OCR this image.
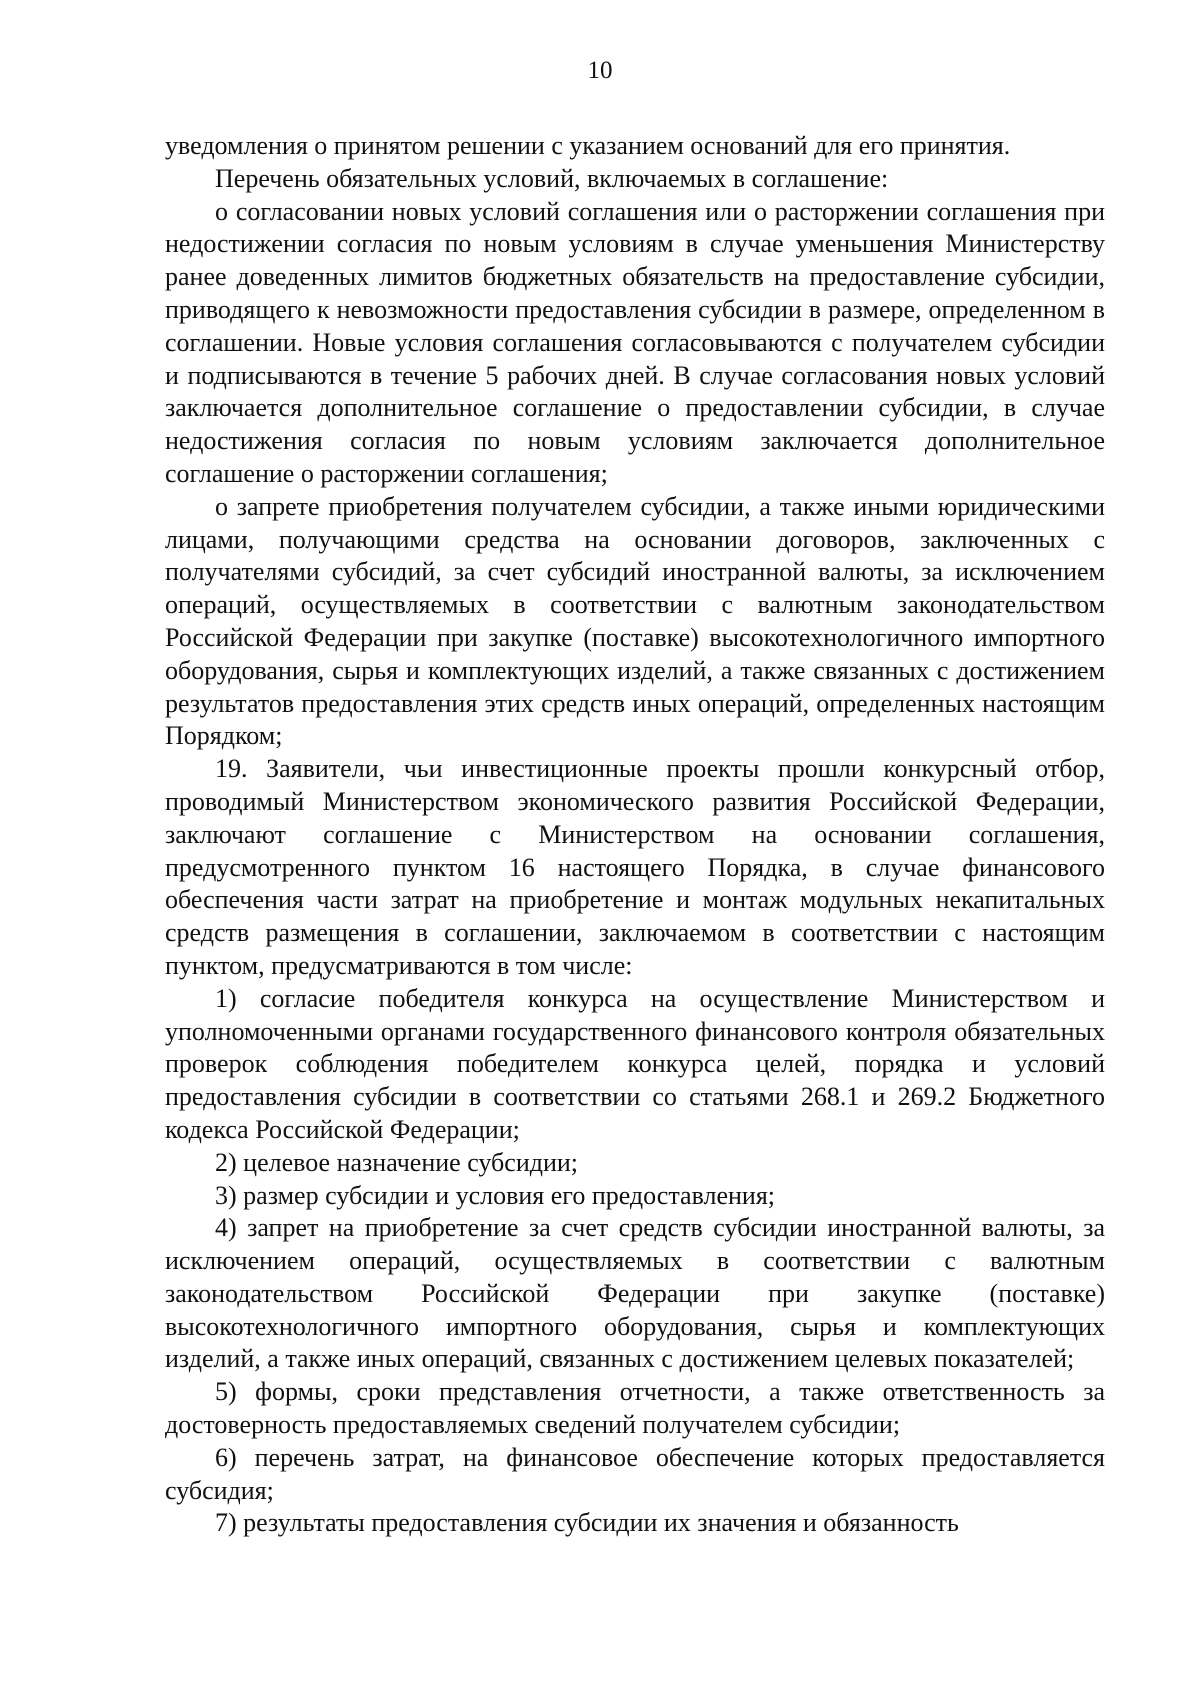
10

уведомления о принятом решении с указанием оснований для его принятия.

Перечень обязательных условий, включаемых в соглашение:

о согласовании новых условий соглашения или о расторжении соглашения при недостижении согласия по новым условиям в случае уменьшения Министерству ранее доведенных лимитов бюджетных обязательств на предоставление субсидии, приводящего к невозможности предоставления субсидии в размере, определенном в соглашении. Новые условия соглашения согласовываются с получателем субсидии и подписываются в течение 5 рабочих дней. В случае согласования новых условий заключается дополнительное соглашение о предоставлении субсидии, в случае недостижения согласия по новым условиям заключается дополнительное соглашение о расторжении соглашения;

о запрете приобретения получателем субсидии, а также иными юридическими лицами, получающими средства на основании договоров, заключенных с получателями субсидий, за счет субсидий иностранной валюты, за исключением операций, осуществляемых в соответствии с валютным законодательством Российской Федерации при закупке (поставке) высокотехнологичного импортного оборудования, сырья и комплектующих изделий, а также связанных с достижением результатов предоставления этих средств иных операций, определенных настоящим Порядком;

19. Заявители, чьи инвестиционные проекты прошли конкурсный отбор, проводимый Министерством экономического развития Российской Федерации, заключают соглашение с Министерством на основании соглашения, предусмотренного пунктом 16 настоящего Порядка, в случае финансового обеспечения части затрат на приобретение и монтаж модульных некапитальных средств размещения в соглашении, заключаемом в соответствии с настоящим пунктом, предусматриваются в том числе:

1) согласие победителя конкурса на осуществление Министерством и уполномоченными органами государственного финансового контроля обязательных проверок соблюдения победителем конкурса целей, порядка и условий предоставления субсидии в соответствии со статьями 268.1 и 269.2 Бюджетного кодекса Российской Федерации;

2) целевое назначение субсидии;

3) размер субсидии и условия его предоставления;

4) запрет на приобретение за счет средств субсидии иностранной валюты, за исключением операций, осуществляемых в соответствии с валютным законодательством Российской Федерации при закупке (поставке) высокотехнологичного импортного оборудования, сырья и комплектующих изделий, а также иных операций, связанных с достижением целевых показателей;

5) формы, сроки представления отчетности, а также ответственность за достоверность предоставляемых сведений получателем субсидии;

6) перечень затрат, на финансовое обеспечение которых предоставляется субсидия;

7) результаты предоставления субсидии их значения и обязанность
